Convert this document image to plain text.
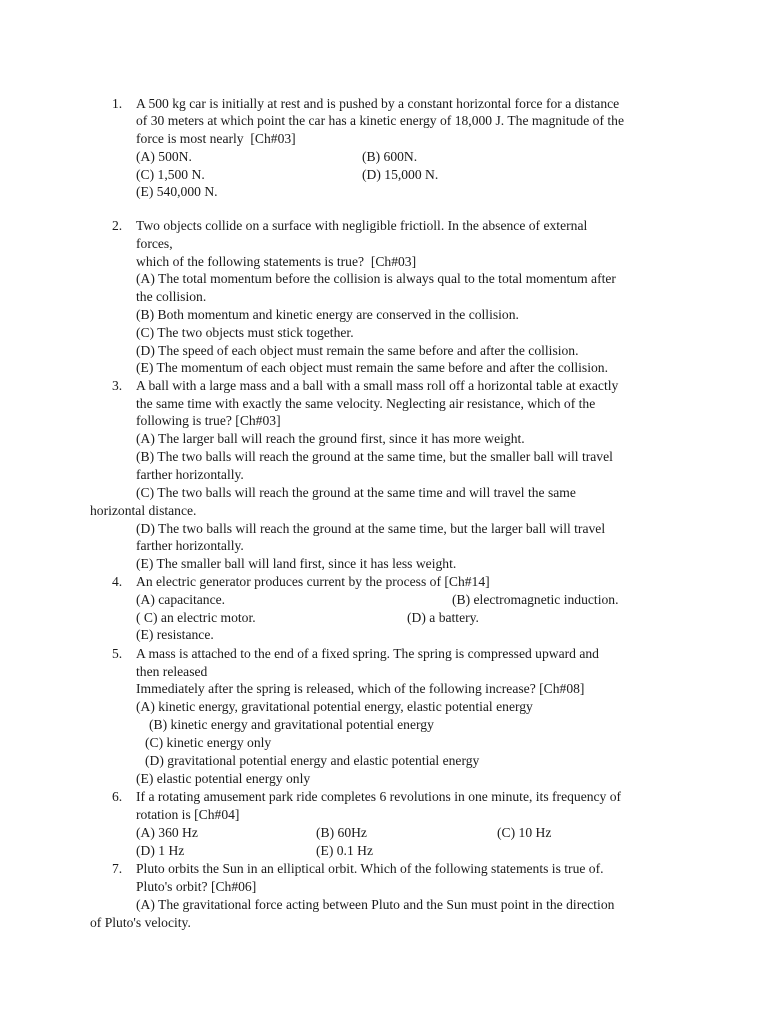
1. A 500 kg car is initially at rest and is pushed by a constant horizontal force for a distance
of 30 meters at which point the car has a kinetic energy of 18,000 J. The magnitude of the
force is most nearly  [Ch#03]
(A) 500N.	(B) 600N.
(C) 1,500 N.	(D) 15,000 N.
(E) 540,000 N.
2. Two objects collide on a surface with negligible frictioll. In the absence of external
forces,
which of the following statements is true?  [Ch#03]
(A) The total momentum before the collision is always qual to the total momentum after
the collision.
(B) Both momentum and kinetic energy are conserved in the collision.
(C) The two objects must stick together.
(D) The speed of each object must remain the same before and after the collision.
(E) The momentum of each object must remain the same before and after the collision.
3. A ball with a large mass and a ball with a small mass roll off a horizontal table at exactly
the same time with exactly the same velocity. Neglecting air resistance, which of the
following is true? [Ch#03]
(A) The larger ball will reach the ground first, since it has more weight.
(B) The two balls will reach the ground at the same time, but the smaller ball will travel
farther horizontally.
(C) The two balls will reach the ground at the same time and will travel the same
horizontal distance.
(D) The two balls will reach the ground at the same time, but the larger ball will travel
farther horizontally.
(E) The smaller ball will land first, since it has less weight.
4. An electric generator produces current by the process of [Ch#14]
(A) capacitance.	(B) electromagnetic induction.
( C) an electric motor.	(D) a battery.
(E) resistance.
5. A mass is attached to the end of a fixed spring. The spring is compressed upward and
then released
Immediately after the spring is released, which of the following increase? [Ch#08]
(A) kinetic energy, gravitational potential energy, elastic potential energy
(B) kinetic energy and gravitational potential energy
(C) kinetic energy only
(D) gravitational potential energy and elastic potential energy
(E) elastic potential energy only
6. If a rotating amusement park ride completes 6 revolutions in one minute, its frequency of
rotation is [Ch#04]
(A) 360 Hz	(B) 60Hz	(C) 10 Hz
(D) 1 Hz	(E) 0.1 Hz
7. Pluto orbits the Sun in an elliptical orbit. Which of the following statements is true of.
Pluto's orbit? [Ch#06]
(A) The gravitational force acting between Pluto and the Sun must point in the direction
of Pluto's velocity.
